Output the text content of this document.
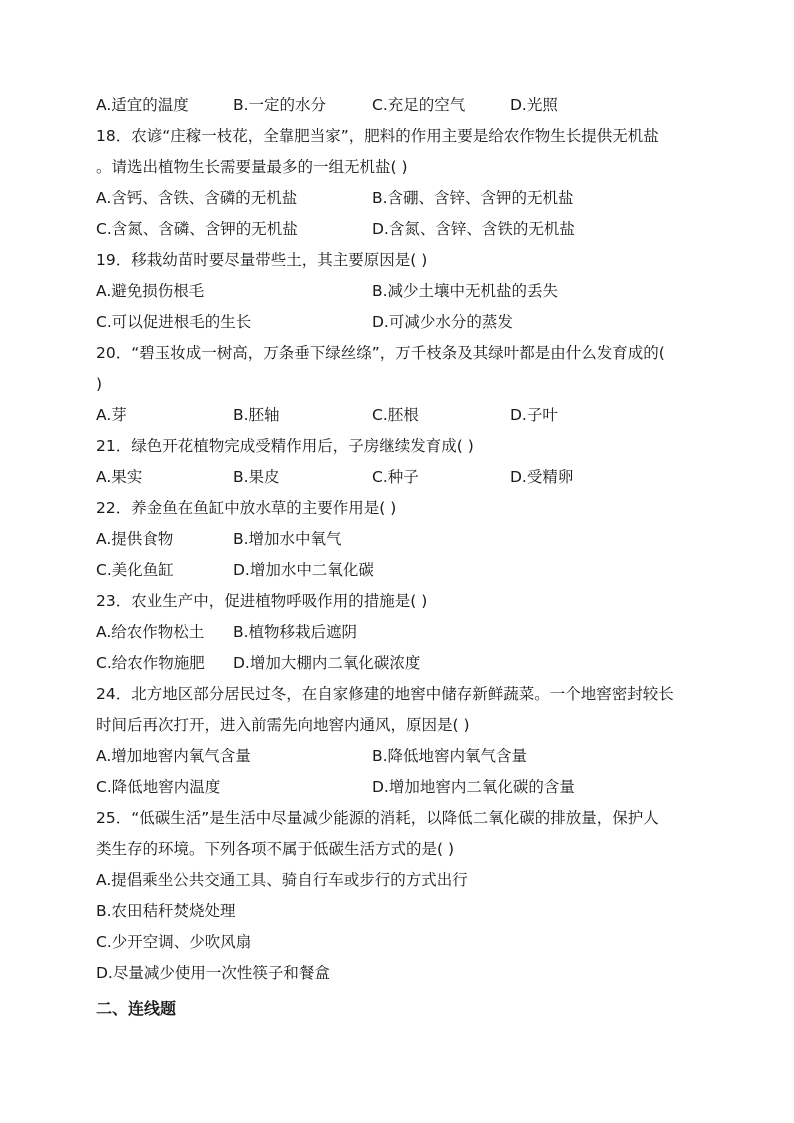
A.适宜的温度	B.一定的水分	C.充足的空气	D.光照
18．农谚“庄稼一枝花，全靠肥当家”，肥料的作用主要是给农作物生长提供无机盐
。请选出植物生长需要量最多的一组无机盐( )
A.含钙、含铁、含磷的无机盐	B.含硼、含锌、含钾的无机盐
C.含氮、含磷、含钾的无机盐	D.含氮、含锌、含铁的无机盐
19．移栽幼苗时要尽量带些土，其主要原因是( )
A.避免损伤根毛	B.减少土壤中无机盐的丢失
C.可以促进根毛的生长	D.可减少水分的蒸发
20．“碧玉妆成一树高，万条垂下绿丝绦”，万千枝条及其绿叶都是由什么发育成的(
)
A.芽	B.胚轴	C.胚根	D.子叶
21．绿色开花植物完成受精作用后，子房继续发育成( )
A.果实	B.果皮	C.种子	D.受精卵
22．养金鱼在鱼缸中放水草的主要作用是( )
A.提供食物	B.增加水中氧气
C.美化鱼缸	D.增加水中二氧化碳
23．农业生产中，促进植物呼吸作用的措施是( )
A.给农作物松土 B.植物移栽后遮阴
C.给农作物施肥 D.增加大棚内二氧化碳浓度
24．北方地区部分居民过冬，在自家修建的地窖中储存新鲜蔬菜。一个地窖密封较长
时间后再次打开，进入前需先向地窖内通风，原因是( )
A.增加地窖内氧气含量	B.降低地窖内氧气含量
C.降低地窖内温度	D.增加地窖内二氧化碳的含量
25．“低碳生活”是生活中尽量减少能源的消耗，以降低二氧化碳的排放量，保护人
类生存的环境。下列各项不属于低碳生活方式的是( )
A.提倡乘坐公共交通工具、骑自行车或步行的方式出行
B.农田秸秆焚烧处理
C.少开空调、少吹风扇
D.尽量减少使用一次性筷子和餐盒
二、连线题
